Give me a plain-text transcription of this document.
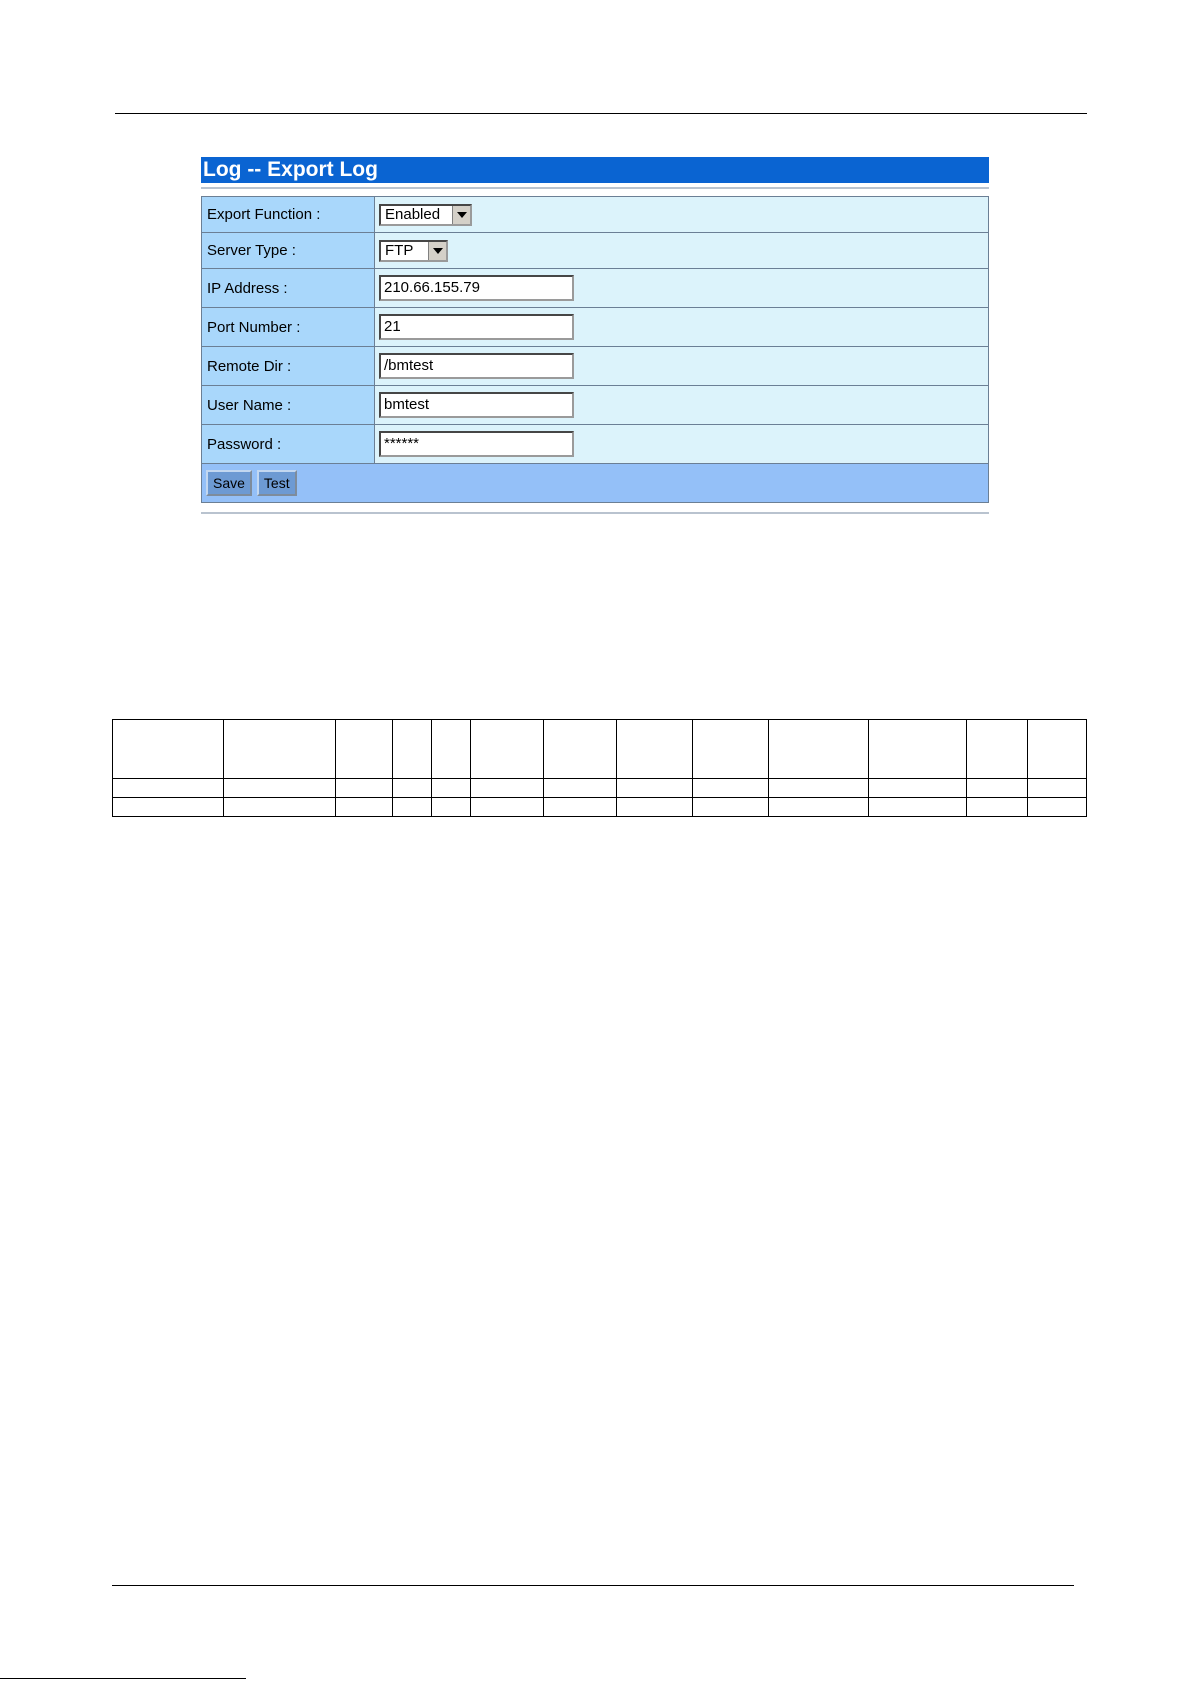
Log -- Export Log
Export Function :	Enabled
Server Type :	FTP
IP Address :	210.66.155.79
Port Number :	21
Remote Dir :	/bmtest
User Name :	bmtest
Password :	******
Save	Test
